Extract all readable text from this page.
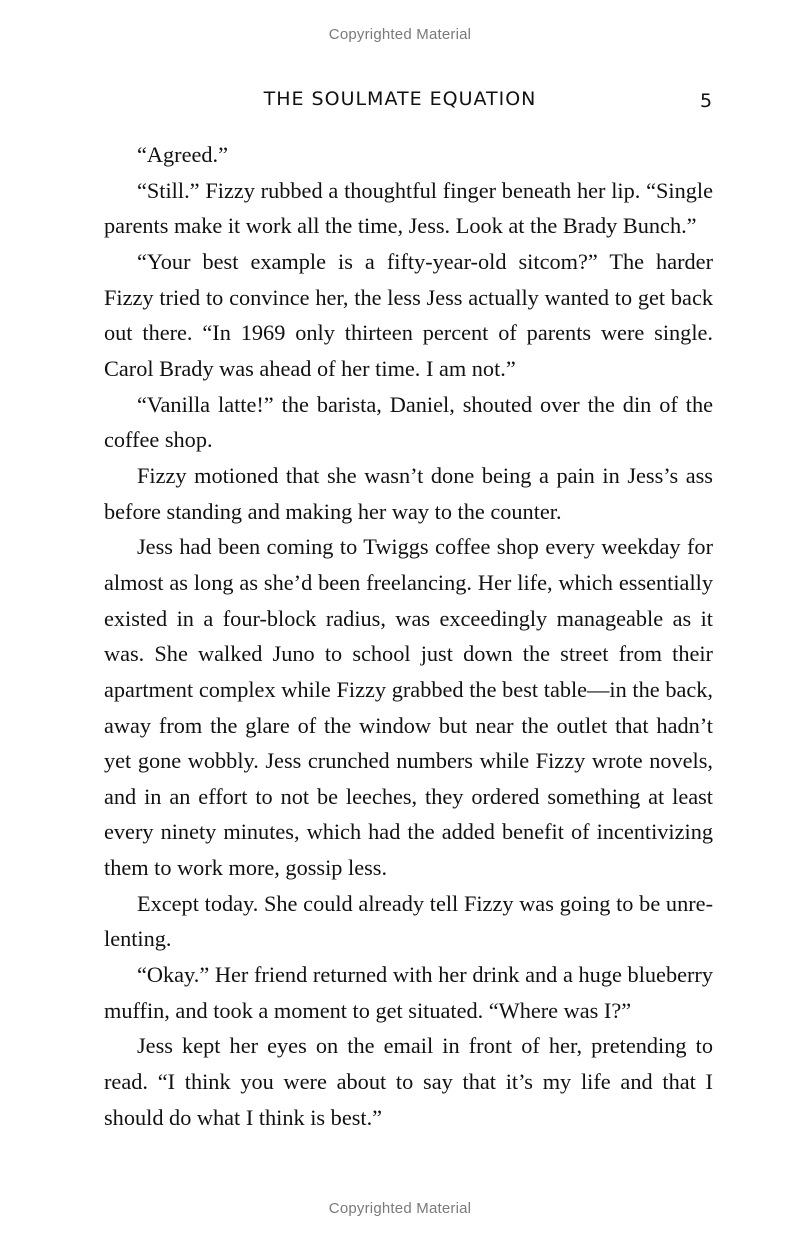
Copyrighted Material
THE SOULMATE EQUATION	5

“Agreed.”

“Still.” Fizzy rubbed a thoughtful finger beneath her lip. “Single parents make it work all the time, Jess. Look at the Brady Bunch.”

“Your best example is a fifty-year-old sitcom?” The harder Fizzy tried to convince her, the less Jess actually wanted to get back out there. “In 1969 only thirteen percent of parents were single. Carol Brady was ahead of her time. I am not.”

“Vanilla latte!” the barista, Daniel, shouted over the din of the coffee shop.

Fizzy motioned that she wasn’t done being a pain in Jess’s ass before standing and making her way to the counter.

Jess had been coming to Twiggs coffee shop every weekday for almost as long as she’d been freelancing. Her life, which essentially existed in a four-block radius, was exceedingly manageable as it was. She walked Juno to school just down the street from their apartment complex while Fizzy grabbed the best table—in the back, away from the glare of the window but near the outlet that hadn’t yet gone wobbly. Jess crunched numbers while Fizzy wrote novels, and in an effort to not be leeches, they ordered something at least every ninety minutes, which had the added benefit of incentivizing them to work more, gossip less.

Except today. She could already tell Fizzy was going to be unrelenting.

“Okay.” Her friend returned with her drink and a huge blueberry muffin, and took a moment to get situated. “Where was I?”

Jess kept her eyes on the email in front of her, pretending to read. “I think you were about to say that it’s my life and that I should do what I think is best.”

Copyrighted Material
